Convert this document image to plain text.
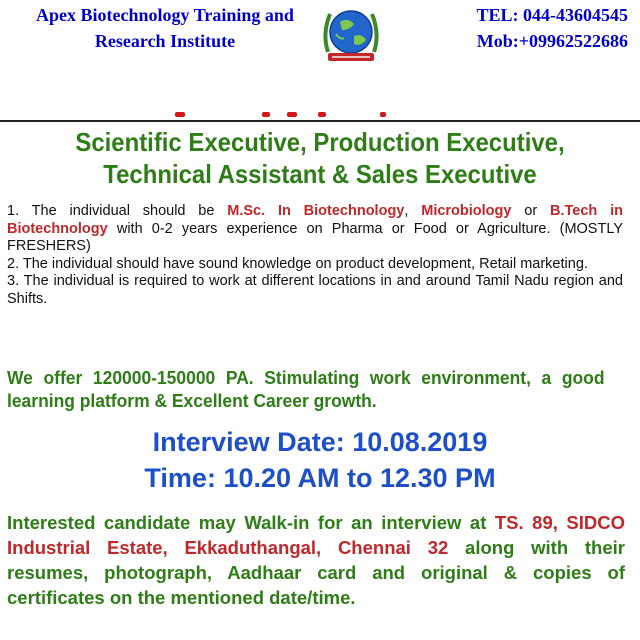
Apex Biotechnology Training and
Research Institute
TEL: 044-43604545
Mob:+09962522686
Scientific Executive, Production Executive,
Technical Assistant & Sales Executive

1. The individual should be M.Sc. In Biotechnology, Microbiology or B.Tech in Biotechnology with 0-2 years experience on Pharma or Food or Agriculture. (MOSTLY FRESHERS)

2. The individual should have sound knowledge on product development, Retail marketing.

3. The individual is required to work at different locations in and around Tamil Nadu region and Shifts.

We offer 120000-150000 PA. Stimulating work environment, a good learning platform & Excellent Career growth.
Interview Date: 10.08.2019
Time: 10.20 AM to 12.30 PM
Interested candidate may Walk-in for an interview at TS. 89, SIDCO Industrial Estate, Ekkaduthangal, Chennai 32 along with their resumes, photograph, Aadhaar card and original & copies of certificates on the mentioned date/time.
